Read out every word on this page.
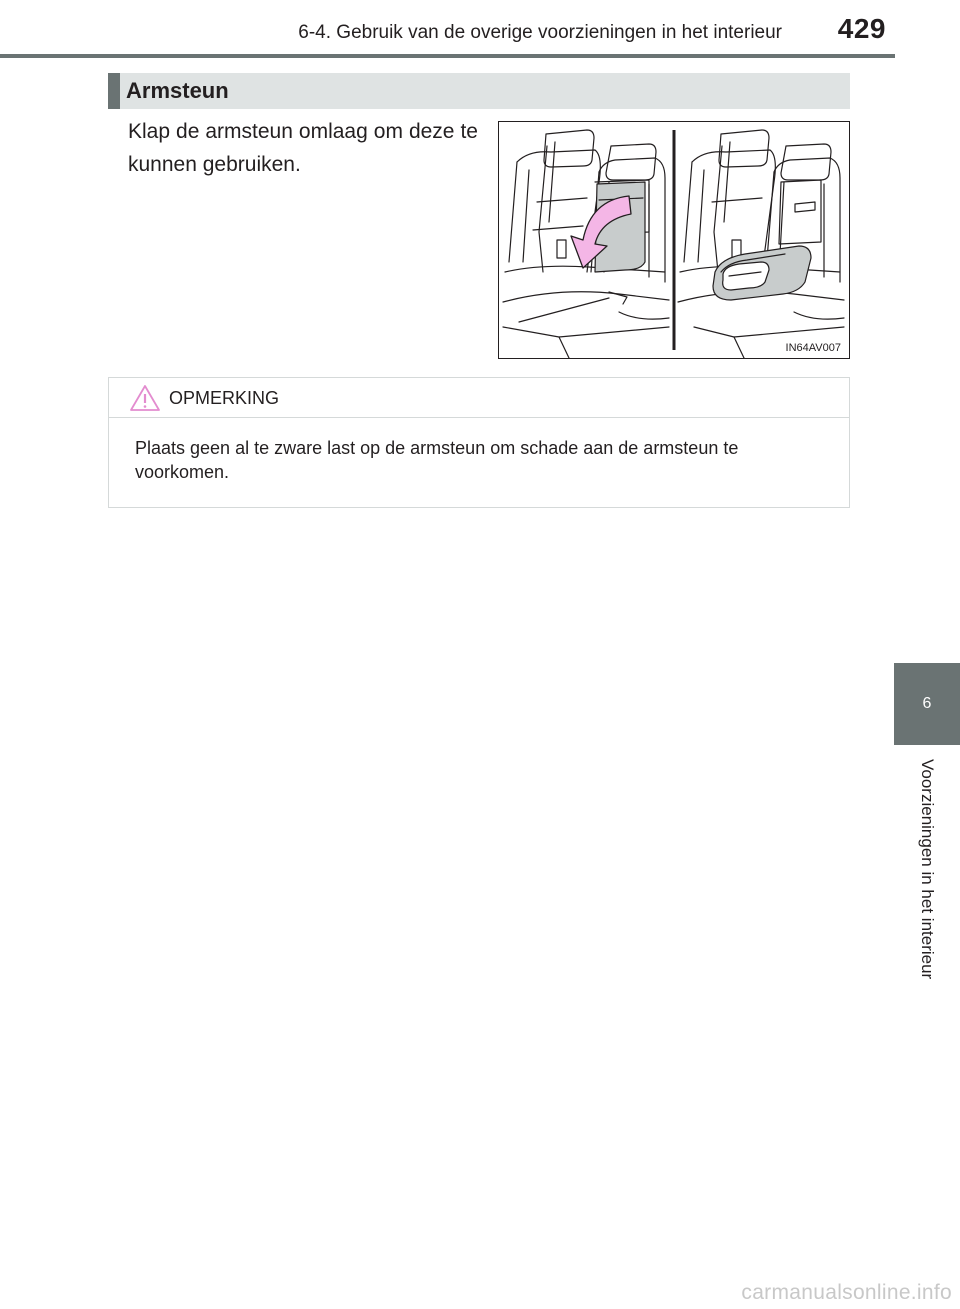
6-4. Gebruik van de overige voorzieningen in het interieur	429
6
Voorzieningen in het interieur
Armsteun
Klap de armsteun omlaag om deze te kunnen gebruiken.
IN64AV007
OPMERKING
Plaats geen al te zware last op de armsteun om schade aan de armsteun te voorkomen.
carmanualsonline.info
